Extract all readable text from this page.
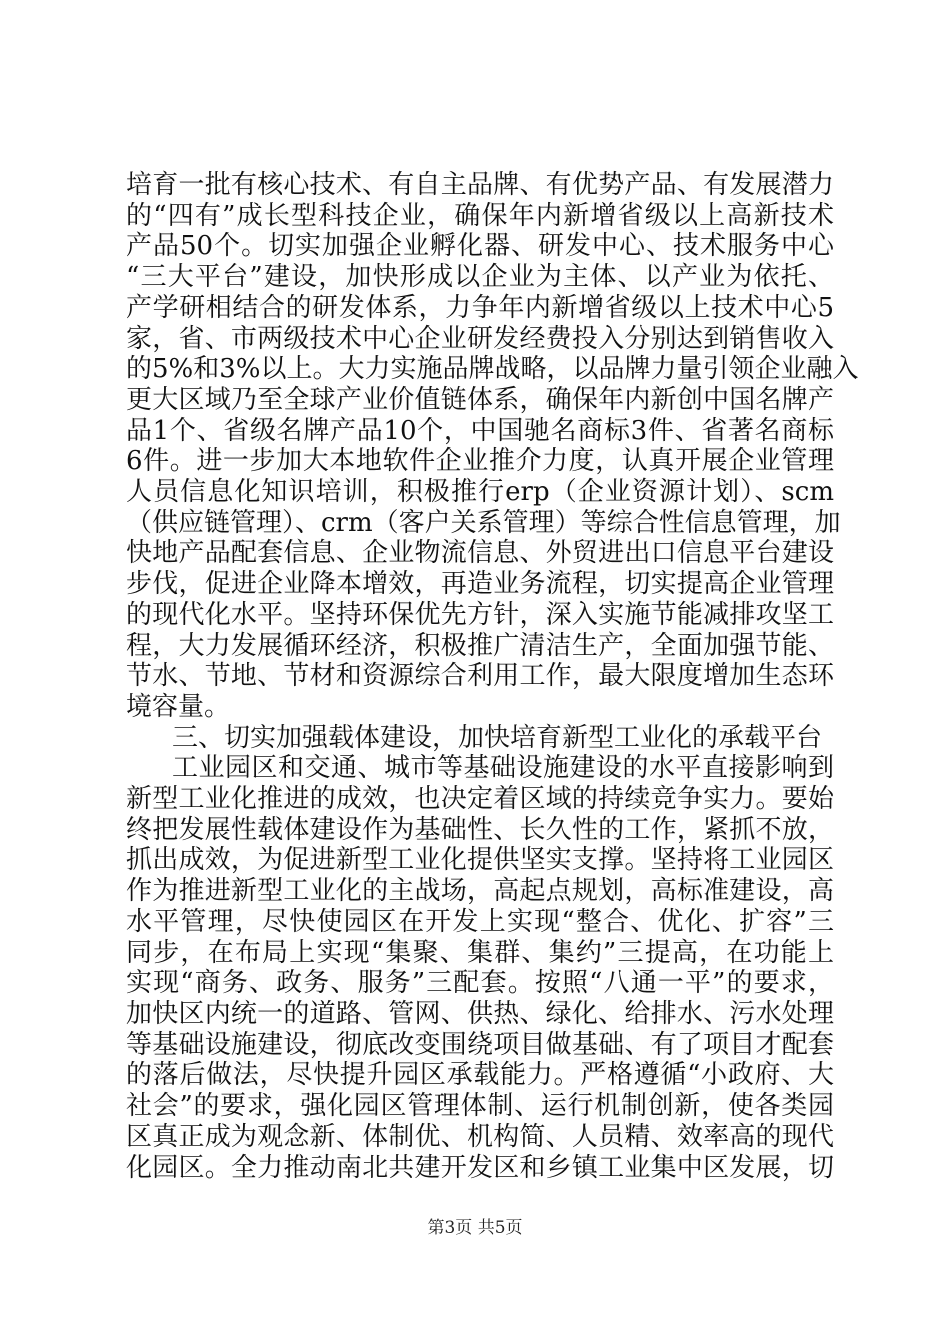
培育一批有核心技术、有自主品牌、有优势产品、有发展潜力
的“四有”成长型科技企业，确保年内新增省级以上高新技术
产品50个。切实加强企业孵化器、研发中心、技术服务中心
“三大平台”建设，加快形成以企业为主体、以产业为依托、
产学研相结合的研发体系，力争年内新增省级以上技术中心5
家，省、市两级技术中心企业研发经费投入分别达到销售收入
的5%和3%以上。大力实施品牌战略，以品牌力量引领企业融入
更大区域乃至全球产业价值链体系，确保年内新创中国名牌产
品1个、省级名牌产品10个，中国驰名商标3件、省著名商标
6件。进一步加大本地软件企业推介力度，认真开展企业管理
人员信息化知识培训，积极推行erp（企业资源计划）、scm
（供应链管理）、crm（客户关系管理）等综合性信息管理，加
快地产品配套信息、企业物流信息、外贸进出口信息平台建设
步伐，促进企业降本增效，再造业务流程，切实提高企业管理
的现代化水平。坚持环保优先方针，深入实施节能减排攻坚工
程，大力发展循环经济，积极推广清洁生产，全面加强节能、
节水、节地、节材和资源综合利用工作，最大限度增加生态环
境容量。
三、切实加强载体建设，加快培育新型工业化的承载平台
工业园区和交通、城市等基础设施建设的水平直接影响到
新型工业化推进的成效，也决定着区域的持续竞争实力。要始
终把发展性载体建设作为基础性、长久性的工作，紧抓不放，
抓出成效，为促进新型工业化提供坚实支撑。坚持将工业园区
作为推进新型工业化的主战场，高起点规划，高标准建设，高
水平管理，尽快使园区在开发上实现“整合、优化、扩容”三
同步，在布局上实现“集聚、集群、集约”三提高，在功能上
实现“商务、政务、服务”三配套。按照“八通一平”的要求，
加快区内统一的道路、管网、供热、绿化、给排水、污水处理
等基础设施建设，彻底改变围绕项目做基础、有了项目才配套
的落后做法，尽快提升园区承载能力。严格遵循“小政府、大
社会”的要求，强化园区管理体制、运行机制创新，使各类园
区真正成为观念新、体制优、机构简、人员精、效率高的现代
化园区。全力推动南北共建开发区和乡镇工业集中区发展，切
第3页 共5页
